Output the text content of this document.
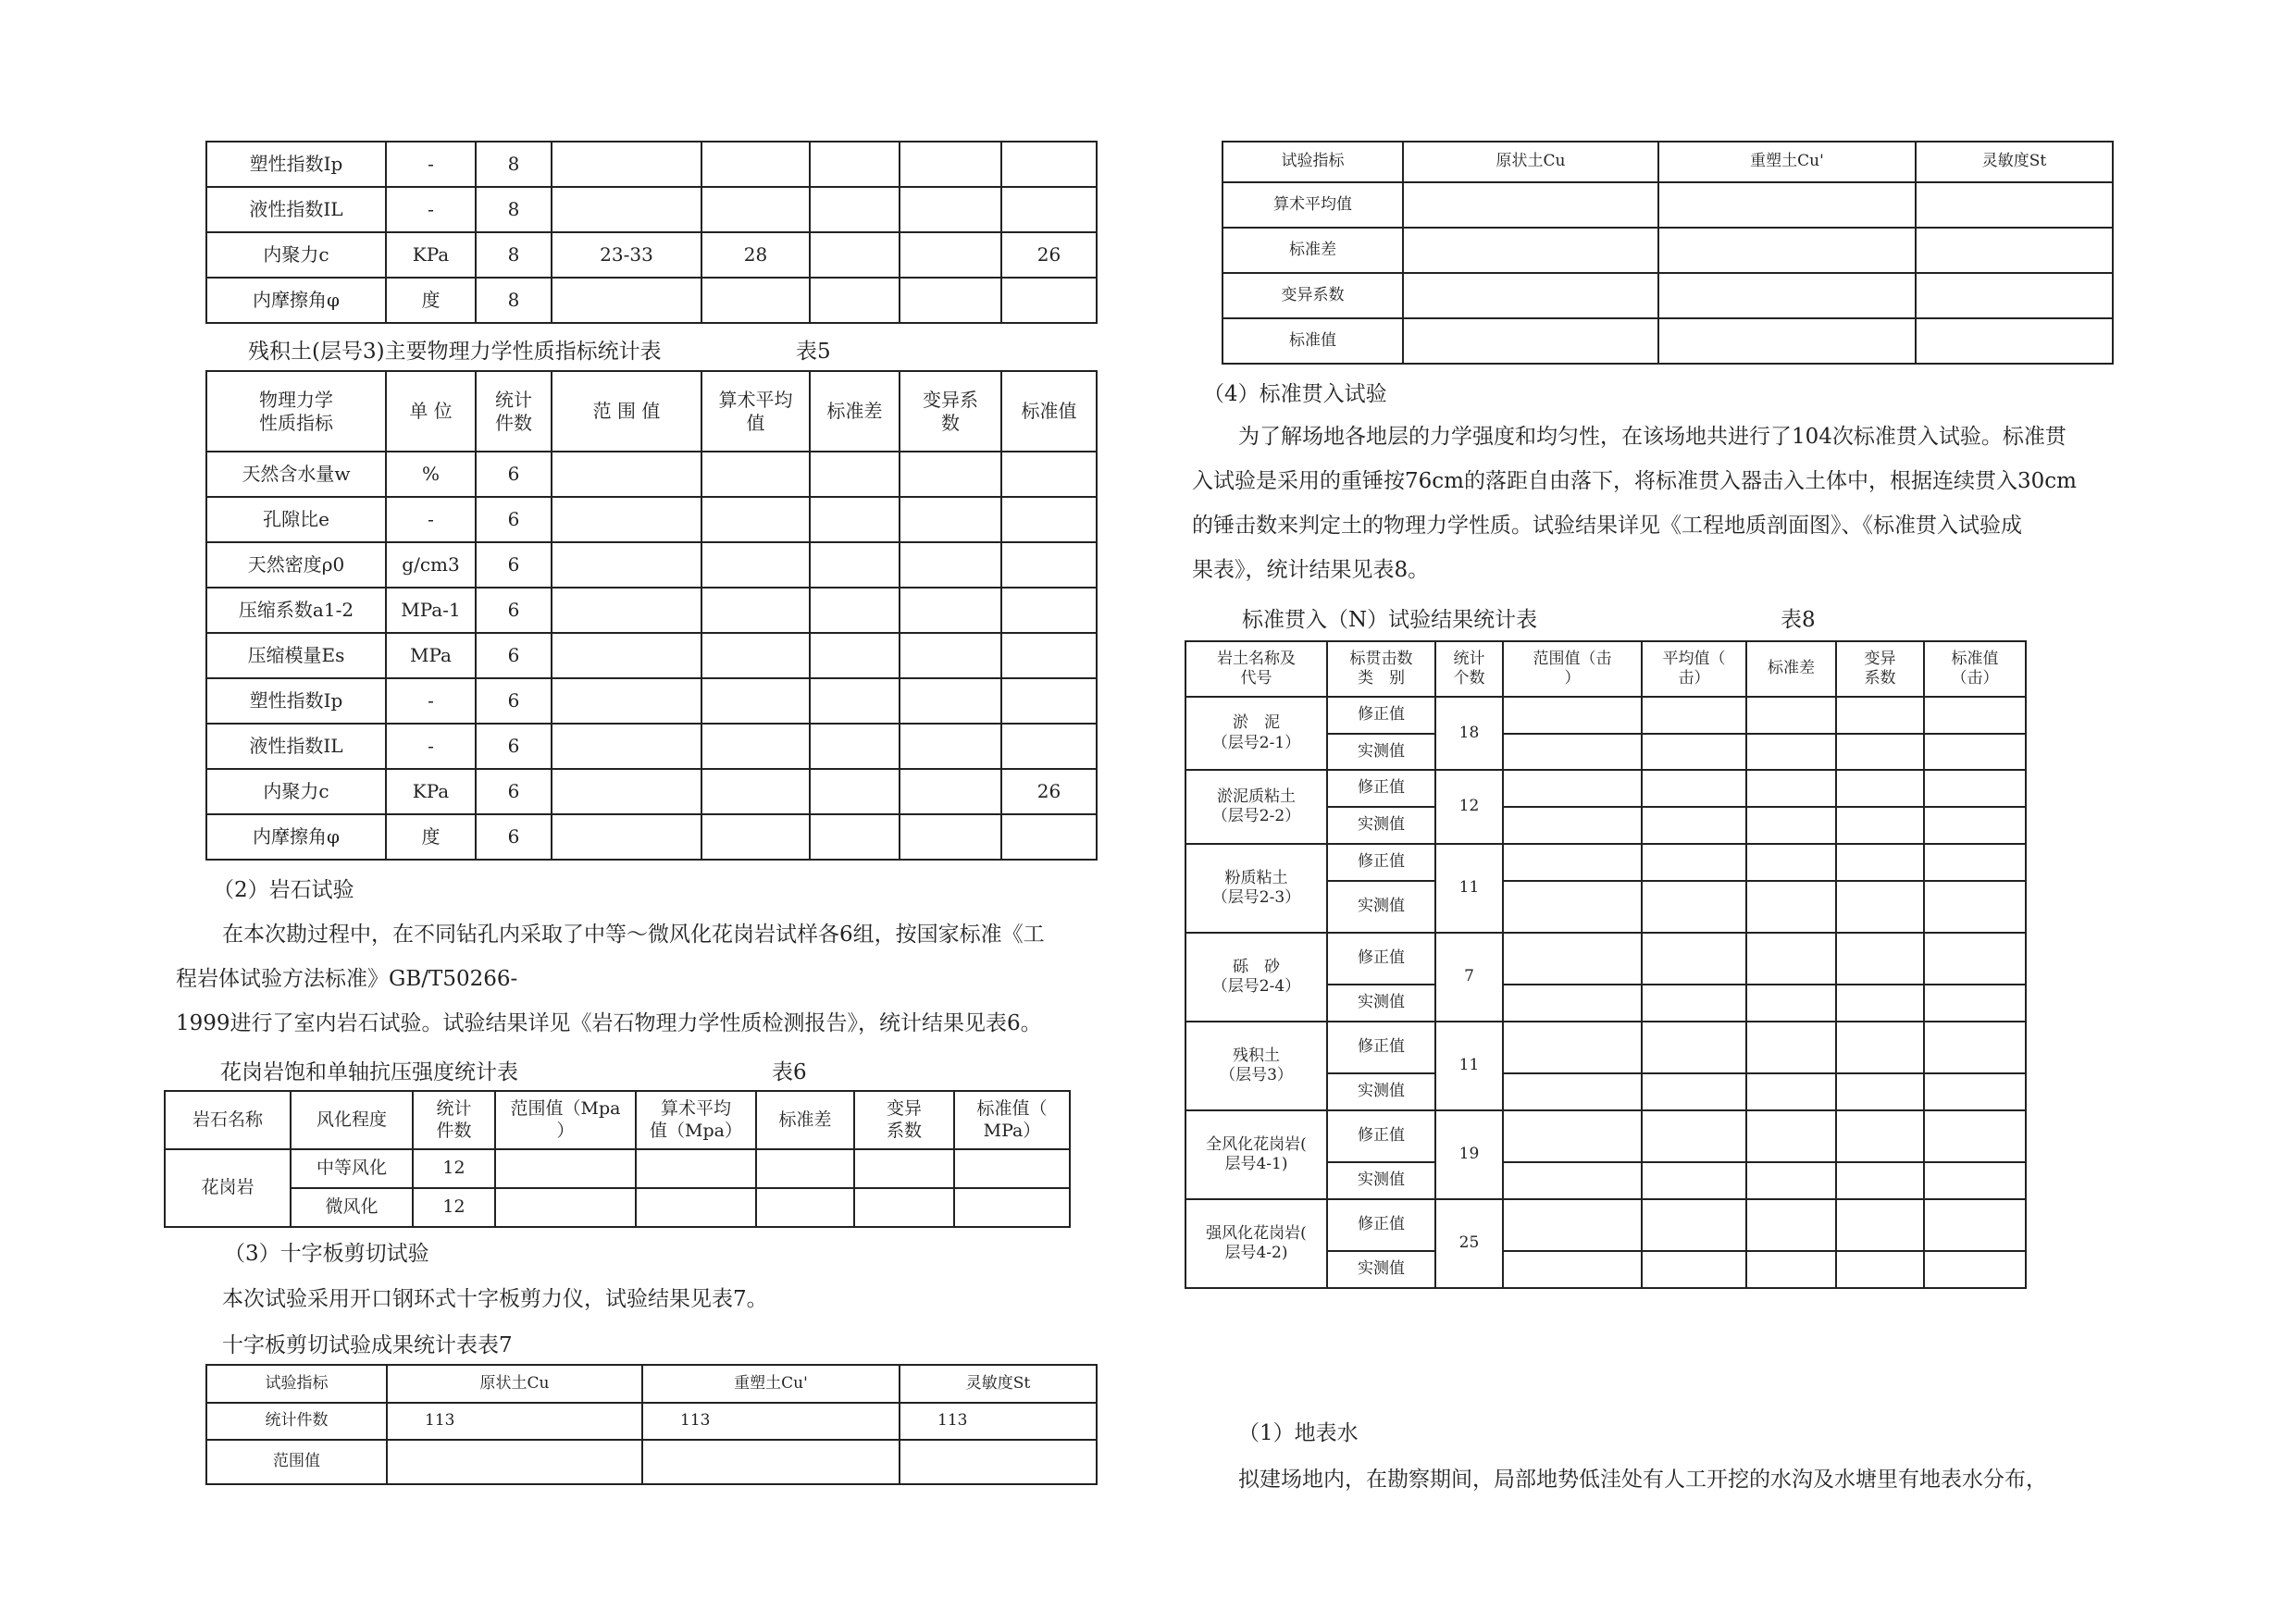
塑性指数Ip	-	8					
液性指数IL	-	8					
内聚力c	KPa	8	23-33	28			26
内摩擦角φ	度	8					
残积土(层号3)主要物理力学性质指标统计表	表5
物理力学
性质指标	单 位	统计
件数	范 围 值	算术平均
值	标准差	变异系
数	标准值
天然含水量w	%	6					
孔隙比e	-	6					
天然密度ρ0	g/cm3	6					
压缩系数a1-2	MPa-1	6					
压缩模量Es	MPa	6					
塑性指数Ip	-	6					
液性指数IL	-	6					
内聚力c	KPa	6					26
内摩擦角φ	度	6					
（2）岩石试验
在本次勘过程中，在不同钻孔内采取了中等～微风化花岗岩试样各6组，按国家标准《工
程岩体试验方法标准》GB/T50266-
1999进行了室内岩石试验。试验结果详见《岩石物理力学性质检测报告》，统计结果见表6。
花岗岩饱和单轴抗压强度统计表	表6
岩石名称	风化程度	统计
件数	范围值（Mpa
）	算术平均
值（Mpa）	标准差	变异
系数	标准值（
MPa）
花岗岩	中等风化	12					
	微风化	12					
（3）十字板剪切试验
本次试验采用开口钢环式十字板剪力仪，试验结果见表7。
十字板剪切试验成果统计表表7
试验指标	原状土Cu	重塑土Cu'	灵敏度St
统计件数	113	113	113
范围值			
试验指标	原状土Cu	重塑土Cu'	灵敏度St
算术平均值			
标准差			
变异系数			
标准值			
（4）标准贯入试验
为了解场地各地层的力学强度和均匀性，在该场地共进行了104次标准贯入试验。标准贯
入试验是采用的重锤按76cm的落距自由落下，将标准贯入器击入土体中，根据连续贯入30cm
的锤击数来判定土的物理力学性质。试验结果详见《工程地质剖面图》、《标准贯入试验成
果表》，统计结果见表8。
标准贯入（N）试验结果统计表	表8
岩土名称及
代号	标贯击数
类　别	统计
个数	范围值（击
）	平均值（
击）	标准差	变异
系数	标准值
（击）
淤　泥
（层号2-1）	修正值	18					
	实测值						
淤泥质粘土
（层号2-2）	修正值	12					
	实测值						
粉质粘土
（层号2-3）	修正值	11					
	实测值						
砾　砂
（层号2-4）	修正值	7					
	实测值						
残积土
（层号3）	修正值	11					
	实测值						
全风化花岗岩(
层号4-1)	修正值	19					
	实测值						
强风化花岗岩(
层号4-2)	修正值	25					
	实测值						
（1）地表水
拟建场地内，在勘察期间，局部地势低洼处有人工开挖的水沟及水塘里有地表水分布，
